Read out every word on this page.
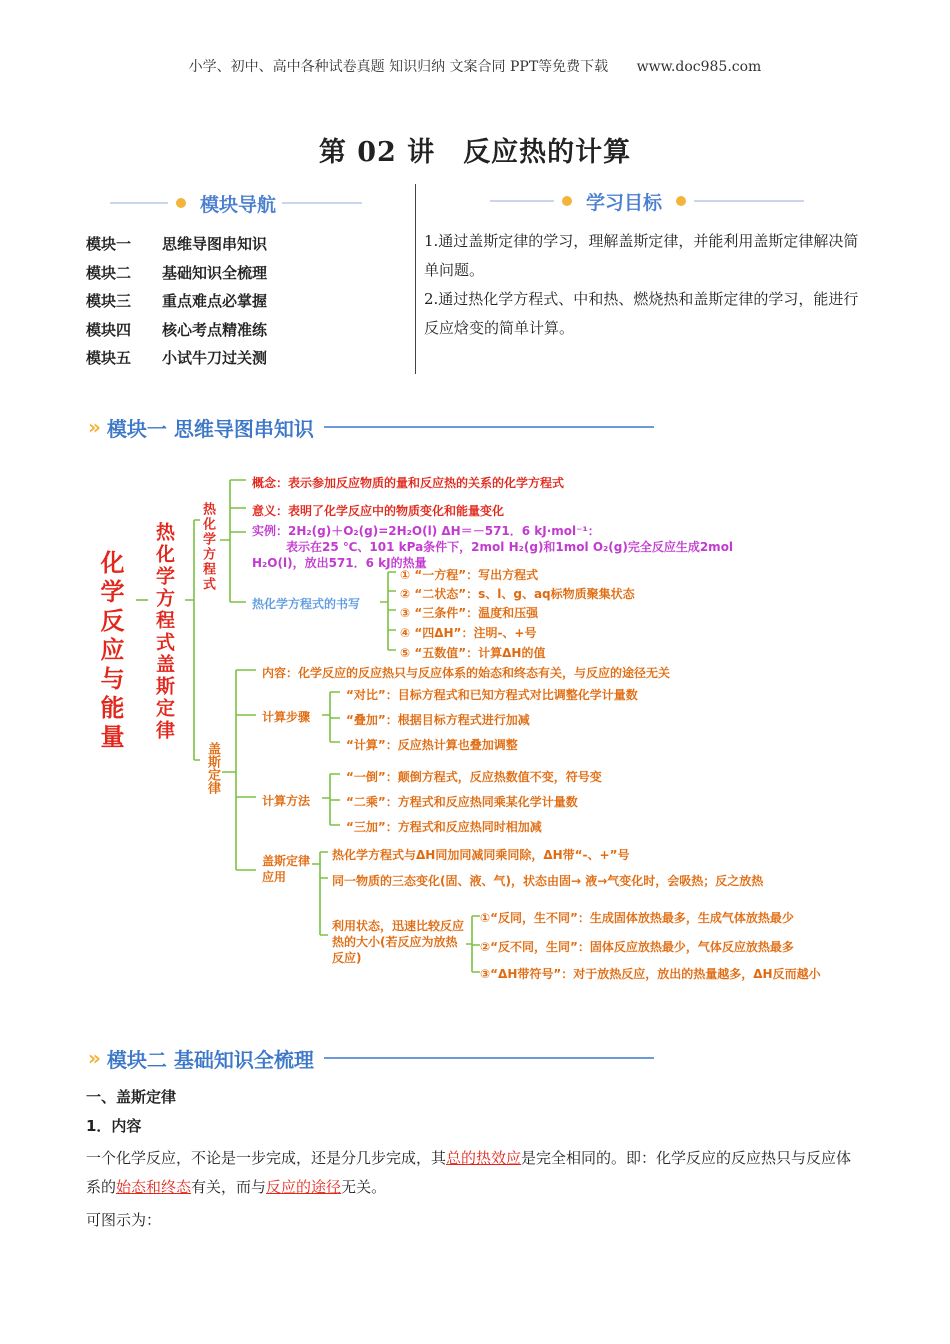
小学、初中、高中各种试卷真题 知识归纳 文案合同 PPT等免费下载 www.doc985.com
第 02 讲 反应热的计算
模块导航	学习目标
模块一	思维导图串知识
模块二	基础知识全梳理
模块三	重点难点必掌握
模块四	核心考点精准练
模块五	小试牛刀过关测
1.通过盖斯定律的学习，理解盖斯定律，并能利用盖斯定律解决简单问题。
2.通过热化学方程式、中和热、燃烧热和盖斯定律的学习，能进行反应焓变的简单计算。
» 模块一 思维导图串知识
化学反应与能量 热化学方程式盖斯定律 热化学方程式
概念：表示参加反应物质的量和反应热的关系的化学方程式
意义：表明了化学反应中的物质变化和能量变化
实例：2H₂(g)＋O₂(g)=2H₂O(l) ΔH＝－571．6 kJ·mol⁻¹：
表示在25 ℃、101 kPa条件下，2mol H₂(g)和1mol O₂(g)完全反应生成2mol
H₂O(l)，放出571．6 kJ的热量
热化学方程式的书写
① “一方程”：写出方程式
② “二状态”：s、l、g、aq标物质聚集状态
③ “三条件”：温度和压强
④ “四ΔH”：注明-、+号
⑤ “五数值”：计算ΔH的值
盖斯定律
内容：化学反应的反应热只与反应体系的始态和终态有关，与反应的途径无关
计算步骤
“对比”：目标方程式和已知方程式对比调整化学计量数
“叠加”：根据目标方程式进行加减
“计算”：反应热计算也叠加调整
计算方法
“一倒”：颠倒方程式，反应热数值不变，符号变
“二乘”：方程式和反应热同乘某化学计量数
“三加”：方程式和反应热同时相加减
盖斯定律应用
热化学方程式与ΔH同加同减同乘同除，ΔH带“-、+”号
同一物质的三态变化(固、液、气)，状态由固→ 液→气变化时，会吸热；反之放热
利用状态，迅速比较反应热的大小(若反应为放热反应)
①“反同，生不同”：生成固体放热最多，生成气体放热最少
②“反不同，生同”：固体反应放热最少，气体反应放热最多
③“ΔH带符号”：对于放热反应，放出的热量越多，ΔH反而越小
» 模块二 基础知识全梳理
一、盖斯定律
1．内容
一个化学反应，不论是一步完成，还是分几步完成，其总的热效应是完全相同的。即：化学反应的反应热只与反应体系的始态和终态有关，而与反应的途径无关。
可图示为：
